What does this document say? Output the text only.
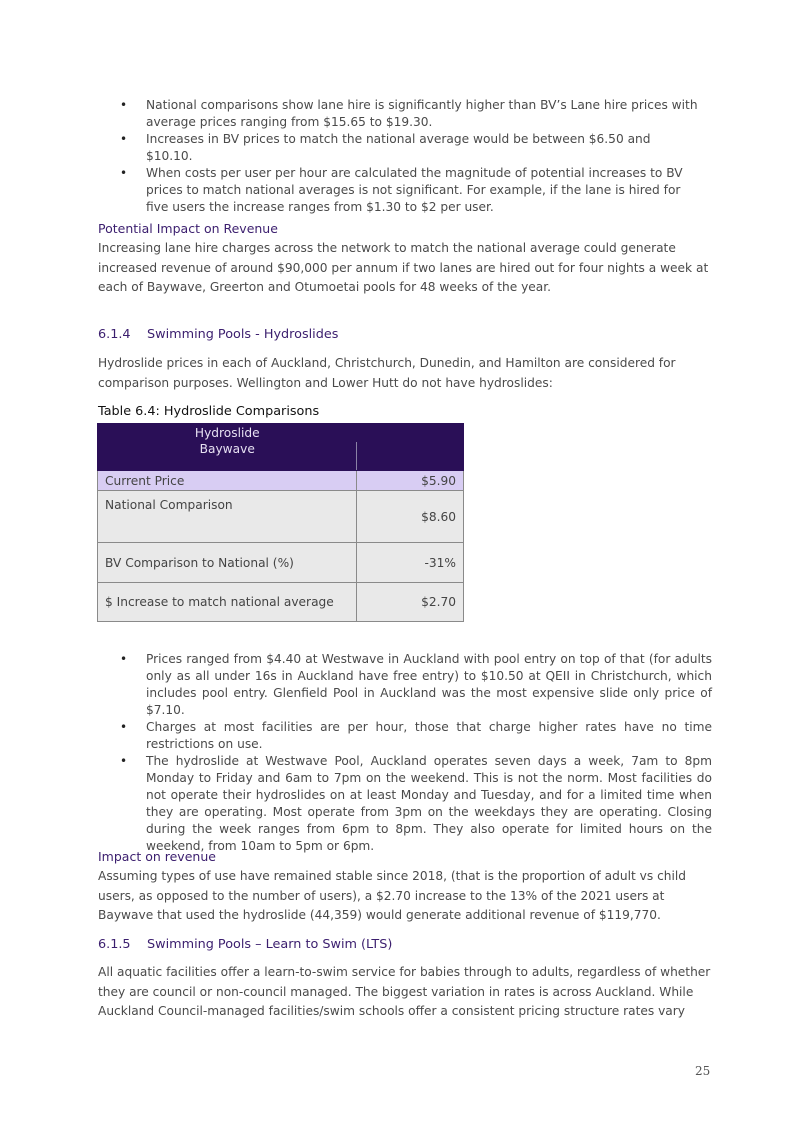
• National comparisons show lane hire is significantly higher than BV’s Lane hire prices with average prices ranging from $15.65 to $19.30.
• Increases in BV prices to match the national average would be between $6.50 and $10.10.
• When costs per user per hour are calculated the magnitude of potential increases to BV prices to match national averages is not significant. For example, if the lane is hired for five users the increase ranges from $1.30 to $2 per user.
Potential Impact on Revenue
Increasing lane hire charges across the network to match the national average could generate increased revenue of around $90,000 per annum if two lanes are hired out for four nights a week at each of Baywave, Greerton and Otumoetai pools for 48 weeks of the year.
6.1.4 Swimming Pools - Hydroslides
Hydroslide prices in each of Auckland, Christchurch, Dunedin, and Hamilton are considered for comparison purposes. Wellington and Lower Hutt do not have hydroslides:
Table 6.4: Hydroslide Comparisons
Hydroslide	
Baywave	
Current Price	$5.90
National Comparison	$8.60
BV Comparison to National (%)	-31%
$ Increase to match national average	$2.70
• Prices ranged from $4.40 at Westwave in Auckland with pool entry on top of that (for adults only as all under 16s in Auckland have free entry) to $10.50 at QEII in Christchurch, which includes pool entry. Glenfield Pool in Auckland was the most expensive slide only price of $7.10.
• Charges at most facilities are per hour, those that charge higher rates have no time restrictions on use.
• The hydroslide at Westwave Pool, Auckland operates seven days a week, 7am to 8pm Monday to Friday and 6am to 7pm on the weekend. This is not the norm. Most facilities do not operate their hydroslides on at least Monday and Tuesday, and for a limited time when they are operating. Most operate from 3pm on the weekdays they are operating. Closing during the week ranges from 6pm to 8pm. They also operate for limited hours on the weekend, from 10am to 5pm or 6pm.
Impact on revenue
Assuming types of use have remained stable since 2018, (that is the proportion of adult vs child users, as opposed to the number of users), a $2.70 increase to the 13% of the 2021 users at Baywave that used the hydroslide (44,359) would generate additional revenue of $119,770.
6.1.5 Swimming Pools – Learn to Swim (LTS)
All aquatic facilities offer a learn-to-swim service for babies through to adults, regardless of whether they are council or non-council managed. The biggest variation in rates is across Auckland. While Auckland Council-managed facilities/swim schools offer a consistent pricing structure rates vary
25
